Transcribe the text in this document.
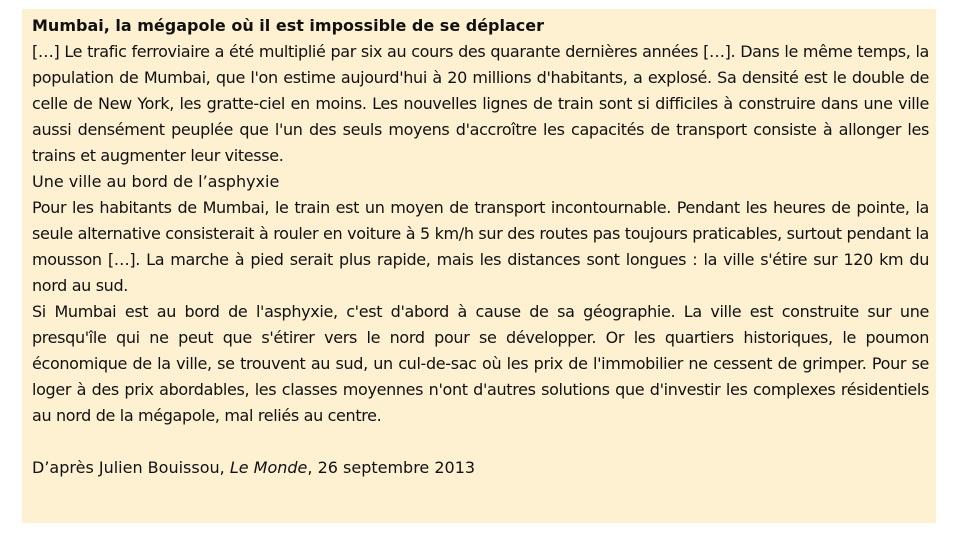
Mumbai, la mégapole où il est impossible de se déplacer

[…] Le trafic ferroviaire a été multiplié par six au cours des quarante dernières années […]. Dans le même temps, la population de Mumbai, que l'on estime aujourd'hui à 20 millions d'habitants, a explosé. Sa densité est le double de celle de New York, les gratte-ciel en moins. Les nouvelles lignes de train sont si difficiles à construire dans une ville aussi densément peuplée que l'un des seuls moyens d'accroître les capacités de transport consiste à allonger les trains et augmenter leur vitesse.

Une ville au bord de l’asphyxie

Pour les habitants de Mumbai, le train est un moyen de transport incontournable. Pendant les heures de pointe, la seule alternative consisterait à rouler en voiture à 5 km/h sur des routes pas toujours praticables, surtout pendant la mousson […]. La marche à pied serait plus rapide, mais les distances sont longues : la ville s'étire sur 120 km du nord au sud.

Si Mumbai est au bord de l'asphyxie, c'est d'abord à cause de sa géographie. La ville est construite sur une presqu'île qui ne peut que s'étirer vers le nord pour se développer. Or les quartiers historiques, le poumon économique de la ville, se trouvent au sud, un cul-de-sac où les prix de l'immobilier ne cessent de grimper. Pour se loger à des prix abordables, les classes moyennes n'ont d'autres solutions que d'investir les complexes résidentiels au nord de la mégapole, mal reliés au centre.

D’après Julien Bouissou, Le Monde, 26 septembre 2013
